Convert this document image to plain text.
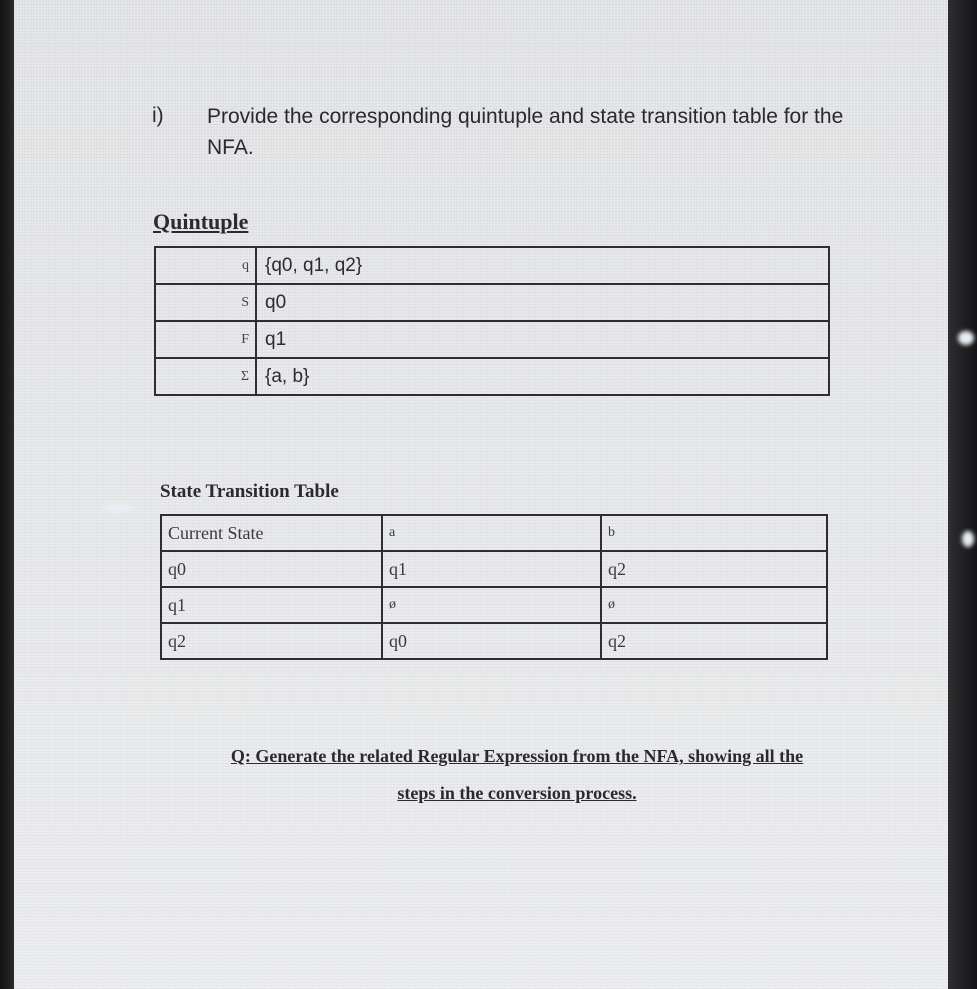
i) Provide the corresponding quintuple and state transition table for the NFA.
Quintuple
q	{q0, q1, q2}
S	q0
F	q1
Σ	{a, b}
State Transition Table
Current State	a	b
q0	q1	q2
q1	ø	ø
q2	q0	q2
Q: Generate the related Regular Expression from the NFA, showing all the
steps in the conversion process.
